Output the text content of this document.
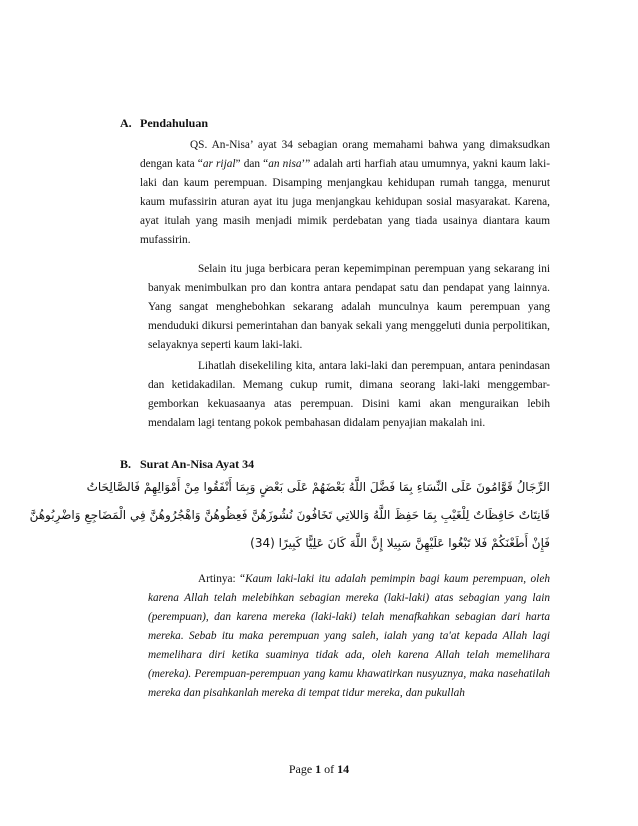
A. Pendahuluan

QS. An-Nisa’ ayat 34 sebagian orang memahami bahwa yang dimaksudkan dengan kata “ar rijal” dan “an nisa’” adalah arti harfiah atau umumnya, yakni kaum laki-laki dan kaum perempuan. Disamping menjangkau kehidupan rumah tangga, menurut kaum mufassirin aturan ayat itu juga menjangkau kehidupan sosial masyarakat. Karena, ayat itulah yang masih menjadi mimik perdebatan yang tiada usainya diantara kaum mufassirin.

Selain itu juga berbicara peran kepemimpinan perempuan yang sekarang ini banyak menimbulkan pro dan kontra antara pendapat satu dan pendapat yang lainnya. Yang sangat menghebohkan sekarang adalah munculnya kaum perempuan yang menduduki dikursi pemerintahan dan banyak sekali yang menggeluti dunia perpolitikan, selayaknya seperti kaum laki-laki.

Lihatlah disekeliling kita, antara laki-laki dan perempuan, antara penindasan dan ketidakadilan. Memang cukup rumit, dimana seorang laki-laki menggembar-gemborkan kekuasaanya atas perempuan. Disini kami akan menguraikan lebih mendalam lagi tentang pokok pembahasan didalam penyajian makalah ini.

B. Surat An-Nisa Ayat 34
الرِّجَالُ قَوَّامُونَ عَلَى النِّسَاءِ بِمَا فَضَّلَ اللَّهُ بَعْضَهُمْ عَلَى بَعْضٍ وَبِمَا أَنْفَقُوا مِنْ أَمْوَالِهِمْ فَالصَّالِحَاتُ
قَانِتَاتٌ حَافِظَاتٌ لِلْغَيْبِ بِمَا حَفِظَ اللَّهُ وَاللاتِي تَخَافُونَ نُشُوزَهُنَّ فَعِظُوهُنَّ وَاهْجُرُوهُنَّ فِي الْمَضَاجِعِ وَاضْرِبُوهُنَّ
فَإِنْ أَطَعْنَكُمْ فَلا تَبْغُوا عَلَيْهِنَّ سَبِيلا إِنَّ اللَّهَ كَانَ عَلِيًّا كَبِيرًا (34)

Artinya: “Kaum laki-laki itu adalah pemimpin bagi kaum perempuan, oleh karena Allah telah melebihkan sebagian mereka (laki-laki) atas sebagian yang lain (perempuan), dan karena mereka (laki-laki) telah menafkahkan sebagian dari harta mereka. Sebab itu maka perempuan yang saleh, ialah yang ta'at kepada Allah lagi memelihara diri ketika suaminya tidak ada, oleh karena Allah telah memelihara (mereka). Perempuan-perempuan yang kamu khawatirkan nusyuznya, maka nasehatilah mereka dan pisahkanlah mereka di tempat tidur mereka, dan pukullah

Page 1 of 14
